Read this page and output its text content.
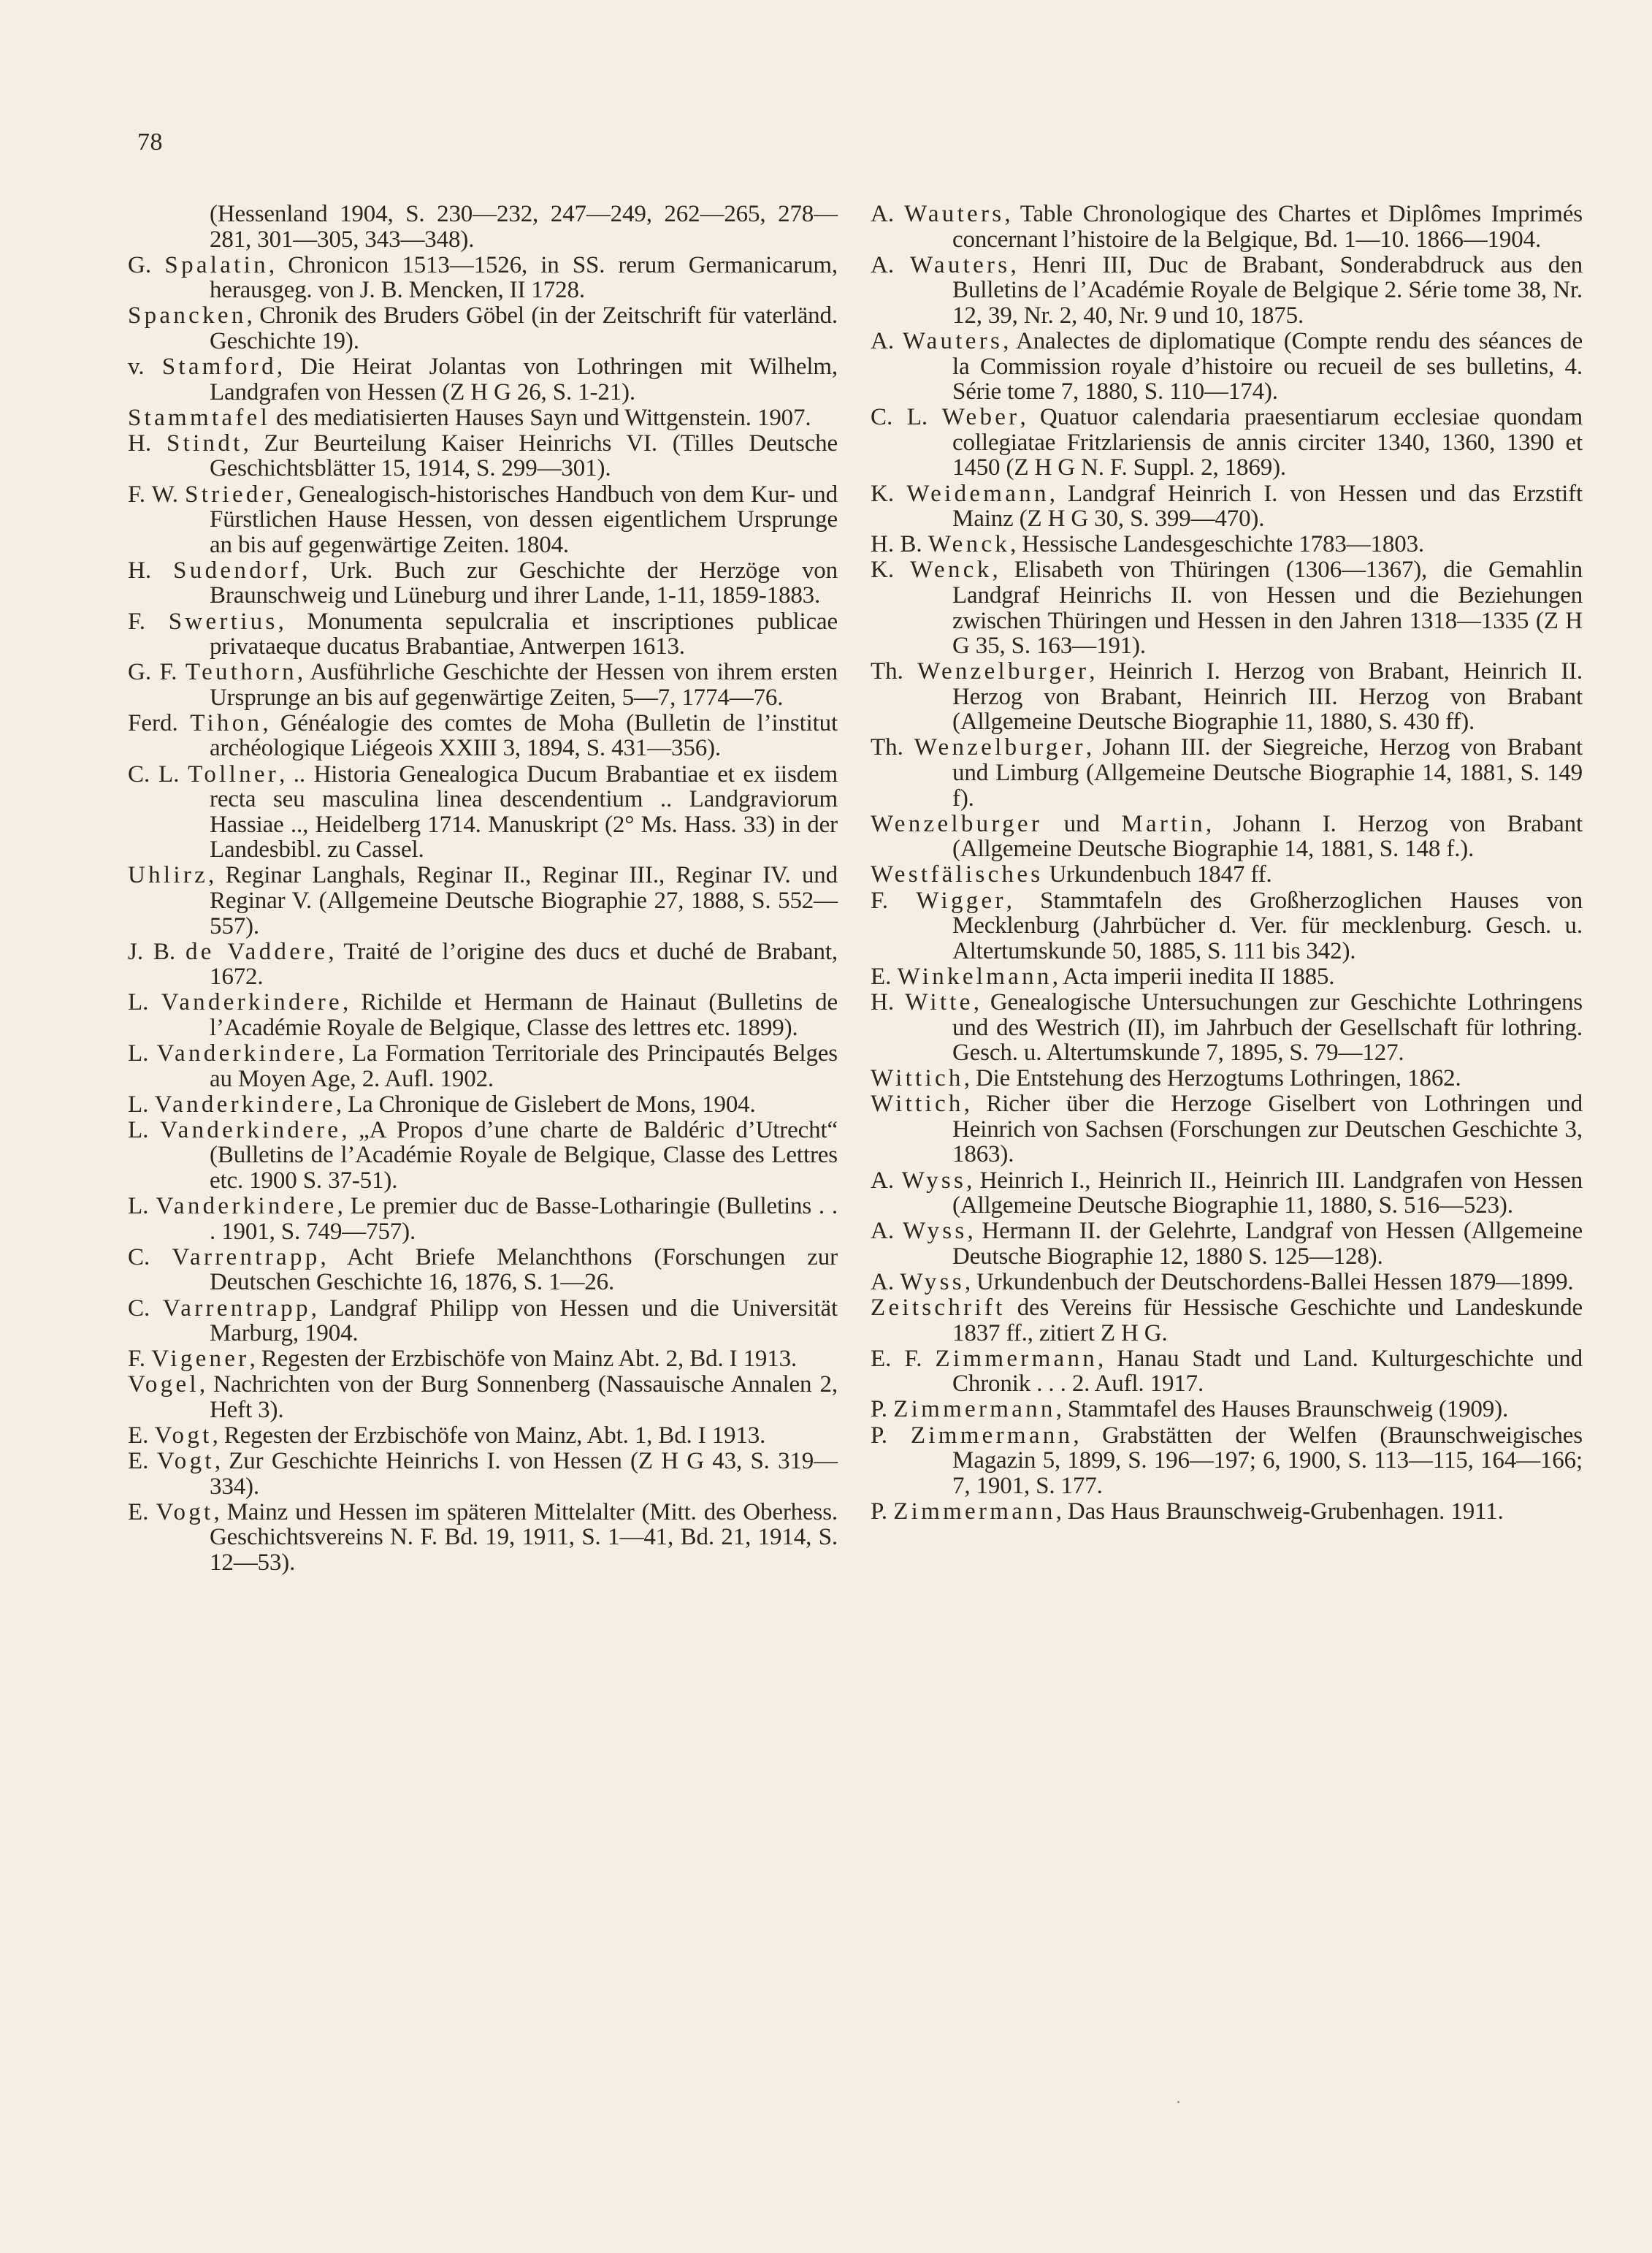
78

(Hessenland 1904, S. 230—232, 247—249, 262—265, 278—281, 301—305, 343—348).

G. Spalatin, Chronicon 1513—1526, in SS. rerum Germanicarum, herausgeg. von J. B. Mencken, II 1728.

Spancken, Chronik des Bruders Göbel (in der Zeitschrift für vaterländ. Geschichte 19).

v. Stamford, Die Heirat Jolantas von Lothringen mit Wilhelm, Landgrafen von Hessen (Z H G 26, S. 1-21).

Stammtafel des mediatisierten Hauses Sayn und Wittgenstein. 1907.

H. Stindt, Zur Beurteilung Kaiser Heinrichs VI. (Tilles Deutsche Geschichtsblätter 15, 1914, S. 299—301).

F. W. Strieder, Genealogisch-historisches Handbuch von dem Kur- und Fürstlichen Hause Hessen, von dessen eigentlichem Ursprunge an bis auf gegenwärtige Zeiten. 1804.

H. Sudendorf, Urk. Buch zur Geschichte der Herzöge von Braunschweig und Lüneburg und ihrer Lande, 1-11, 1859-1883.

F. Swertius, Monumenta sepulcralia et inscriptiones publicae privataeque ducatus Brabantiae, Antwerpen 1613.

G. F. Teuthorn, Ausführliche Geschichte der Hessen von ihrem ersten Ursprunge an bis auf gegenwärtige Zeiten, 5—7, 1774—76.

Ferd. Tihon, Généalogie des comtes de Moha (Bulletin de l’institut archéologique Liégeois XXIII 3, 1894, S. 431—356).

C. L. Tollner, .. Historia Genealogica Ducum Brabantiae et ex iisdem recta seu masculina linea descendentium .. Landgraviorum Hassiae .., Heidelberg 1714. Manuskript (2° Ms. Hass. 33) in der Landesbibl. zu Cassel.

Uhlirz, Reginar Langhals, Reginar II., Reginar III., Reginar IV. und Reginar V. (Allgemeine Deutsche Biographie 27, 1888, S. 552—557).

J. B. de Vaddere, Traité de l’origine des ducs et duché de Brabant, 1672.

L. Vanderkindere, Richilde et Hermann de Hainaut (Bulletins de l’Académie Royale de Belgique, Classe des lettres etc. 1899).

L. Vanderkindere, La Formation Territoriale des Principautés Belges au Moyen Age, 2. Aufl. 1902.

L. Vanderkindere, La Chronique de Gislebert de Mons, 1904.

L. Vanderkindere, „A Propos d’une charte de Baldéric d’Utrecht“ (Bulletins de l’Académie Royale de Belgique, Classe des Lettres etc. 1900 S. 37-51).

L. Vanderkindere, Le premier duc de Basse-Lotharingie (Bulletins . . . 1901, S. 749—757).

C. Varrentrapp, Acht Briefe Melanchthons (Forschungen zur Deutschen Geschichte 16, 1876, S. 1—26.

C. Varrentrapp, Landgraf Philipp von Hessen und die Universität Marburg, 1904.

F. Vigener, Regesten der Erzbischöfe von Mainz Abt. 2, Bd. I 1913.

Vogel, Nachrichten von der Burg Sonnenberg (Nassauische Annalen 2, Heft 3).

E. Vogt, Regesten der Erzbischöfe von Mainz, Abt. 1, Bd. I 1913.

E. Vogt, Zur Geschichte Heinrichs I. von Hessen (Z H G 43, S. 319—334).

E. Vogt, Mainz und Hessen im späteren Mittelalter (Mitt. des Oberhess. Geschichtsvereins N. F. Bd. 19, 1911, S. 1—41, Bd. 21, 1914, S. 12—53).

A. Wauters, Table Chronologique des Chartes et Diplômes Imprimés concernant l’histoire de la Belgique, Bd. 1—10. 1866—1904.

A. Wauters, Henri III, Duc de Brabant, Sonderabdruck aus den Bulletins de l’Académie Royale de Belgique 2. Série tome 38, Nr. 12, 39, Nr. 2, 40, Nr. 9 und 10, 1875.

A. Wauters, Analectes de diplomatique (Compte rendu des séances de la Commission royale d’histoire ou recueil de ses bulletins, 4. Série tome 7, 1880, S. 110—174).

C. L. Weber, Quatuor calendaria praesentiarum ecclesiae quondam collegiatae Fritzlariensis de annis circiter 1340, 1360, 1390 et 1450 (Z H G N. F. Suppl. 2, 1869).

K. Weidemann, Landgraf Heinrich I. von Hessen und das Erzstift Mainz (Z H G 30, S. 399—470).

H. B. Wenck, Hessische Landesgeschichte 1783—1803.

K. Wenck, Elisabeth von Thüringen (1306—1367), die Gemahlin Landgraf Heinrichs II. von Hessen und die Beziehungen zwischen Thüringen und Hessen in den Jahren 1318—1335 (Z H G 35, S. 163—191).

Th. Wenzelburger, Heinrich I. Herzog von Brabant, Heinrich II. Herzog von Brabant, Heinrich III. Herzog von Brabant (Allgemeine Deutsche Biographie 11, 1880, S. 430 ff).

Th. Wenzelburger, Johann III. der Siegreiche, Herzog von Brabant und Limburg (Allgemeine Deutsche Biographie 14, 1881, S. 149 f).

Wenzelburger und Martin, Johann I. Herzog von Brabant (Allgemeine Deutsche Biographie 14, 1881, S. 148 f.).

Westfälisches Urkundenbuch 1847 ff.

F. Wigger, Stammtafeln des Großherzoglichen Hauses von Mecklenburg (Jahrbücher d. Ver. für mecklenburg. Gesch. u. Altertumskunde 50, 1885, S. 111 bis 342).

E. Winkelmann, Acta imperii inedita II 1885.

H. Witte, Genealogische Untersuchungen zur Geschichte Lothringens und des Westrich (II), im Jahrbuch der Gesellschaft für lothring. Gesch. u. Altertumskunde 7, 1895, S. 79—127.

Wittich, Die Entstehung des Herzogtums Lothringen, 1862.

Wittich, Richer über die Herzoge Giselbert von Lothringen und Heinrich von Sachsen (Forschungen zur Deutschen Geschichte 3, 1863).

A. Wyss, Heinrich I., Heinrich II., Heinrich III. Landgrafen von Hessen (Allgemeine Deutsche Biographie 11, 1880, S. 516—523).

A. Wyss, Hermann II. der Gelehrte, Landgraf von Hessen (Allgemeine Deutsche Biographie 12, 1880 S. 125—128).

A. Wyss, Urkundenbuch der Deutschordens-Ballei Hessen 1879—1899.

Zeitschrift des Vereins für Hessische Geschichte und Landeskunde 1837 ff., zitiert Z H G.

E. F. Zimmermann, Hanau Stadt und Land. Kulturgeschichte und Chronik . . . 2. Aufl. 1917.

P. Zimmermann, Stammtafel des Hauses Braunschweig (1909).

P. Zimmermann, Grabstätten der Welfen (Braunschweigisches Magazin 5, 1899, S. 196—197; 6, 1900, S. 113—115, 164—166; 7, 1901, S. 177.

P. Zimmermann, Das Haus Braunschweig-Grubenhagen. 1911.
